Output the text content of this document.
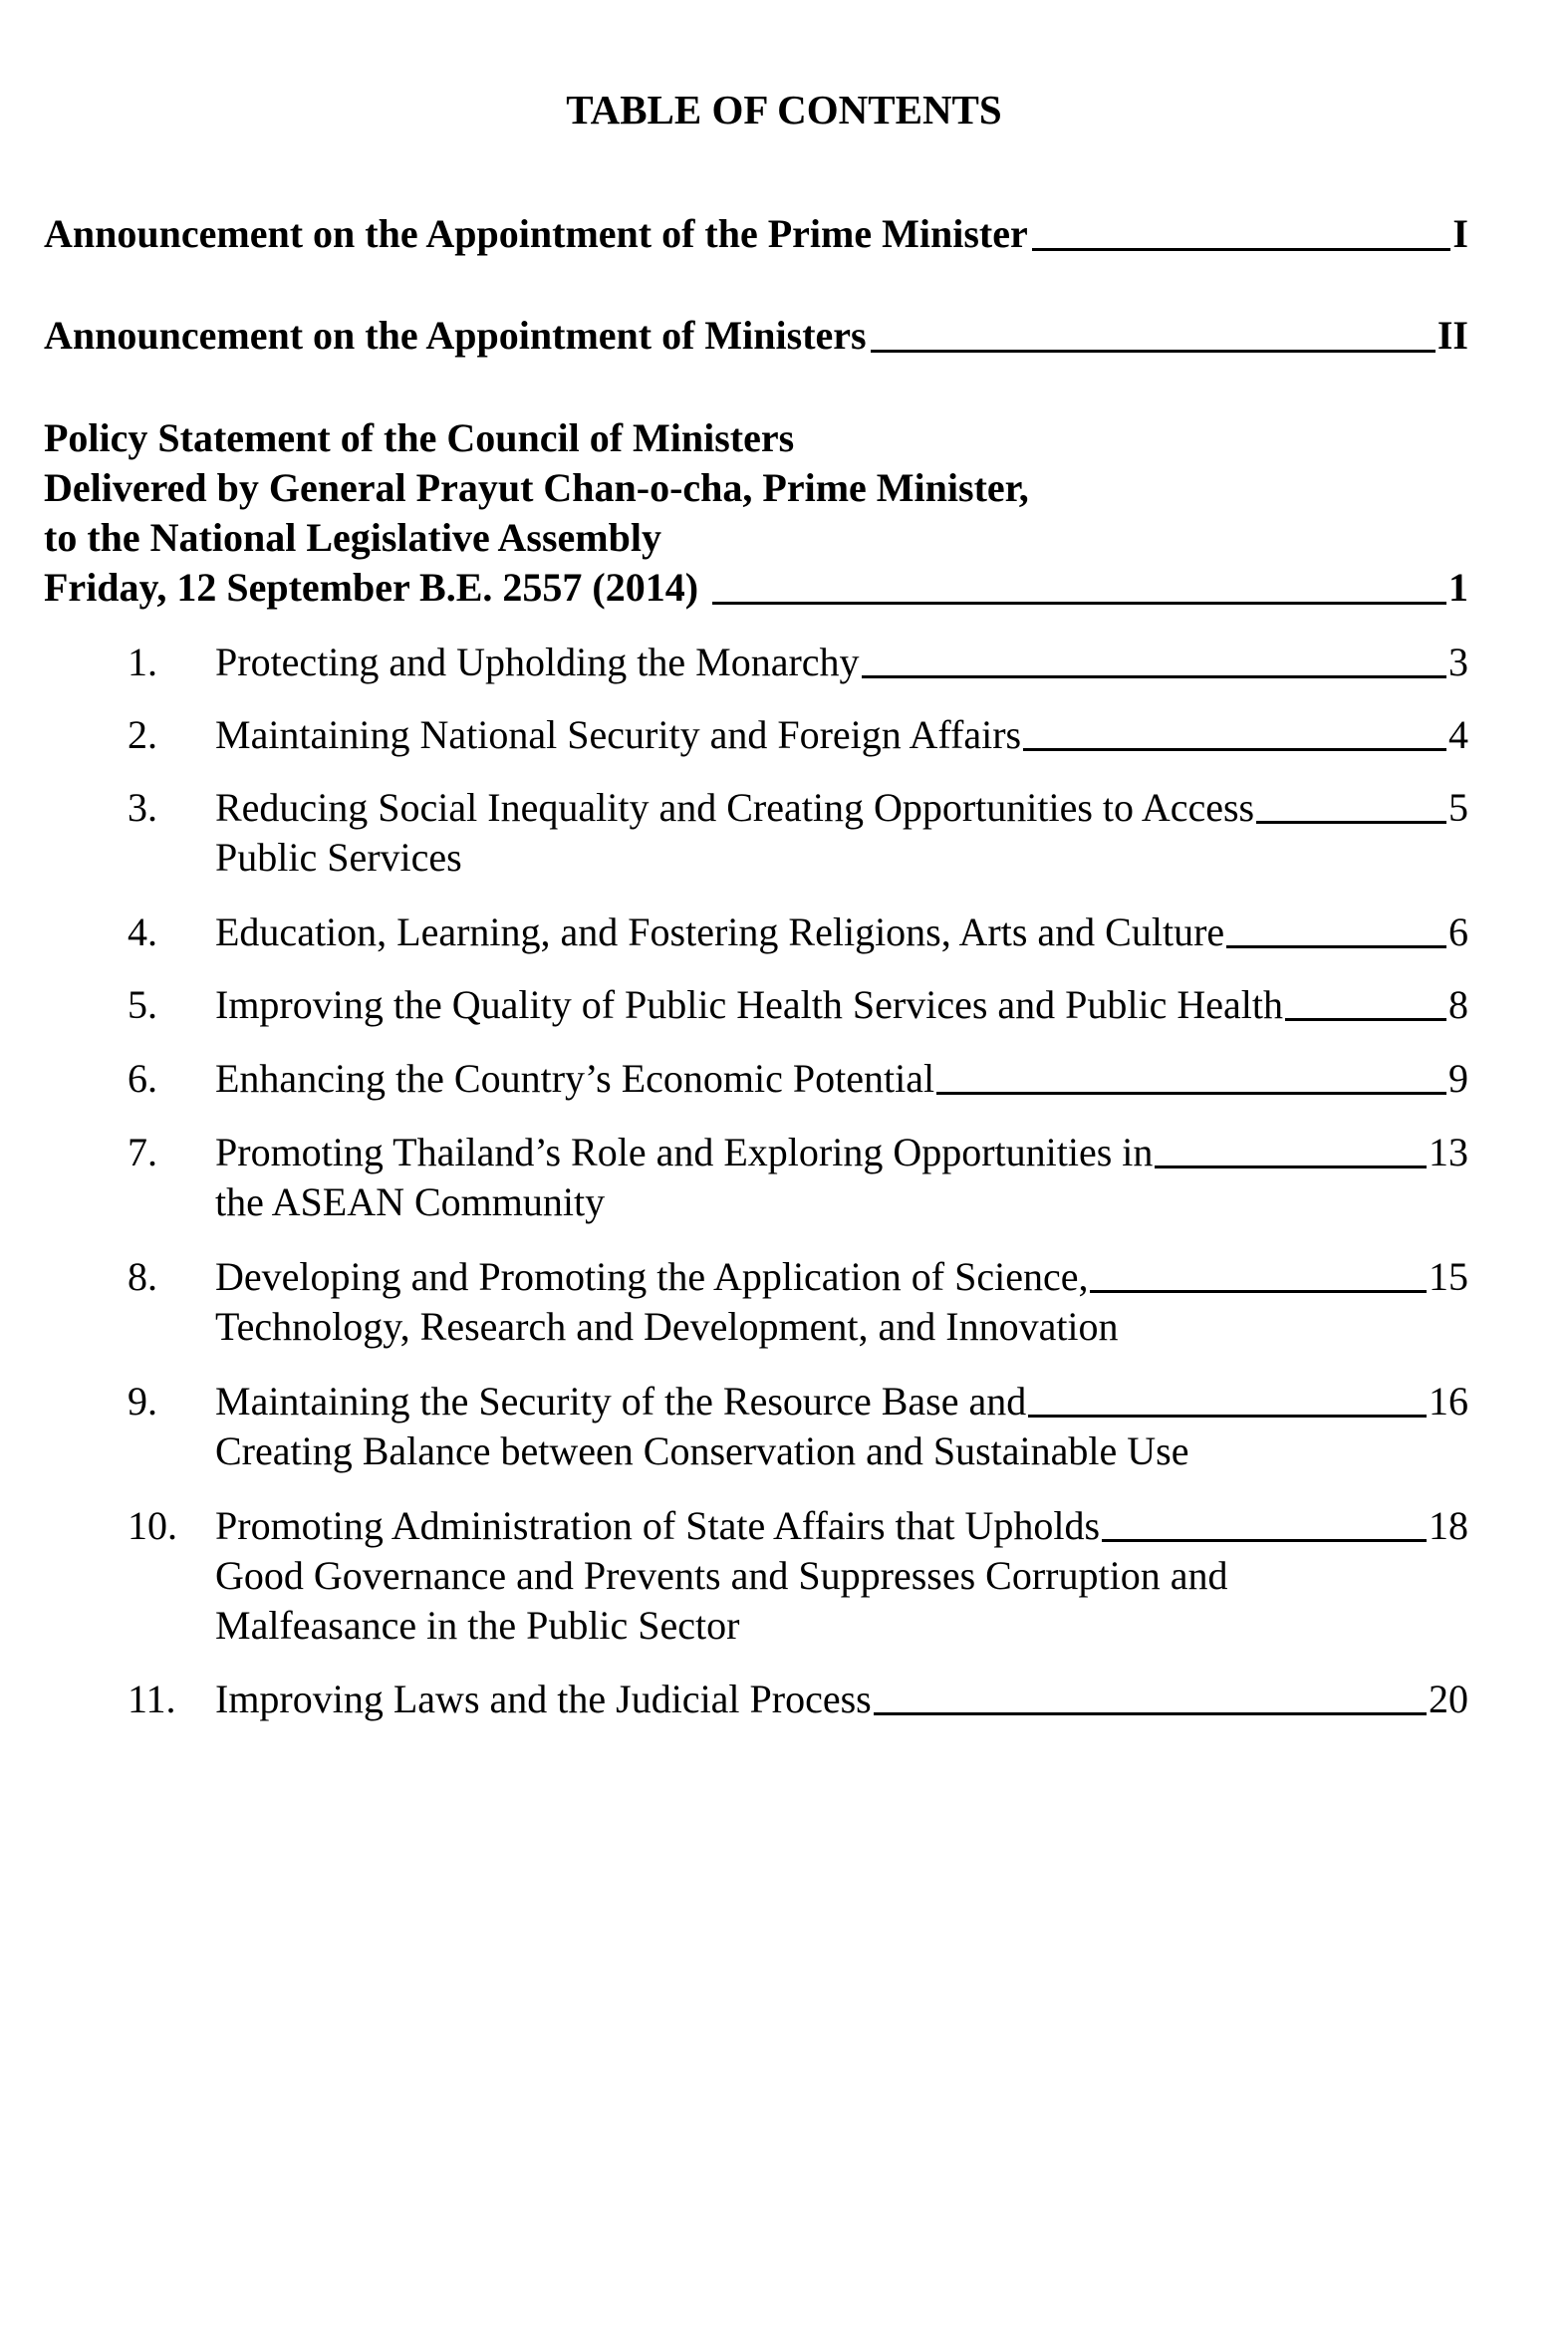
TABLE OF CONTENTS
Announcement on the Appointment of the Prime Minister	I
Announcement on the Appointment of Ministers	II
Policy Statement of the Council of Ministers
Delivered by General Prayut Chan-o-cha, Prime Minister,
to the National Legislative Assembly
Friday, 12 September B.E. 2557 (2014)	1
1.	Protecting and Upholding the Monarchy	3
2.	Maintaining National Security and Foreign Affairs	4
3.	Reducing Social Inequality and Creating Opportunities to Access	5
Public Services
4.	Education, Learning, and Fostering Religions, Arts and Culture	6
5.	Improving the Quality of Public Health Services and Public Health	8
6.	Enhancing the Country’s Economic Potential	9
7.	Promoting Thailand’s Role and Exploring Opportunities in	13
the ASEAN Community
8.	Developing and Promoting the Application of Science,	15
Technology, Research and Development, and Innovation
9.	Maintaining the Security of the Resource Base and	16
Creating Balance between Conservation and Sustainable Use
10. Promoting Administration of State Affairs that Upholds	18
Good Governance and Prevents and Suppresses Corruption and
Malfeasance in the Public Sector
11. Improving Laws and the Judicial Process	20
